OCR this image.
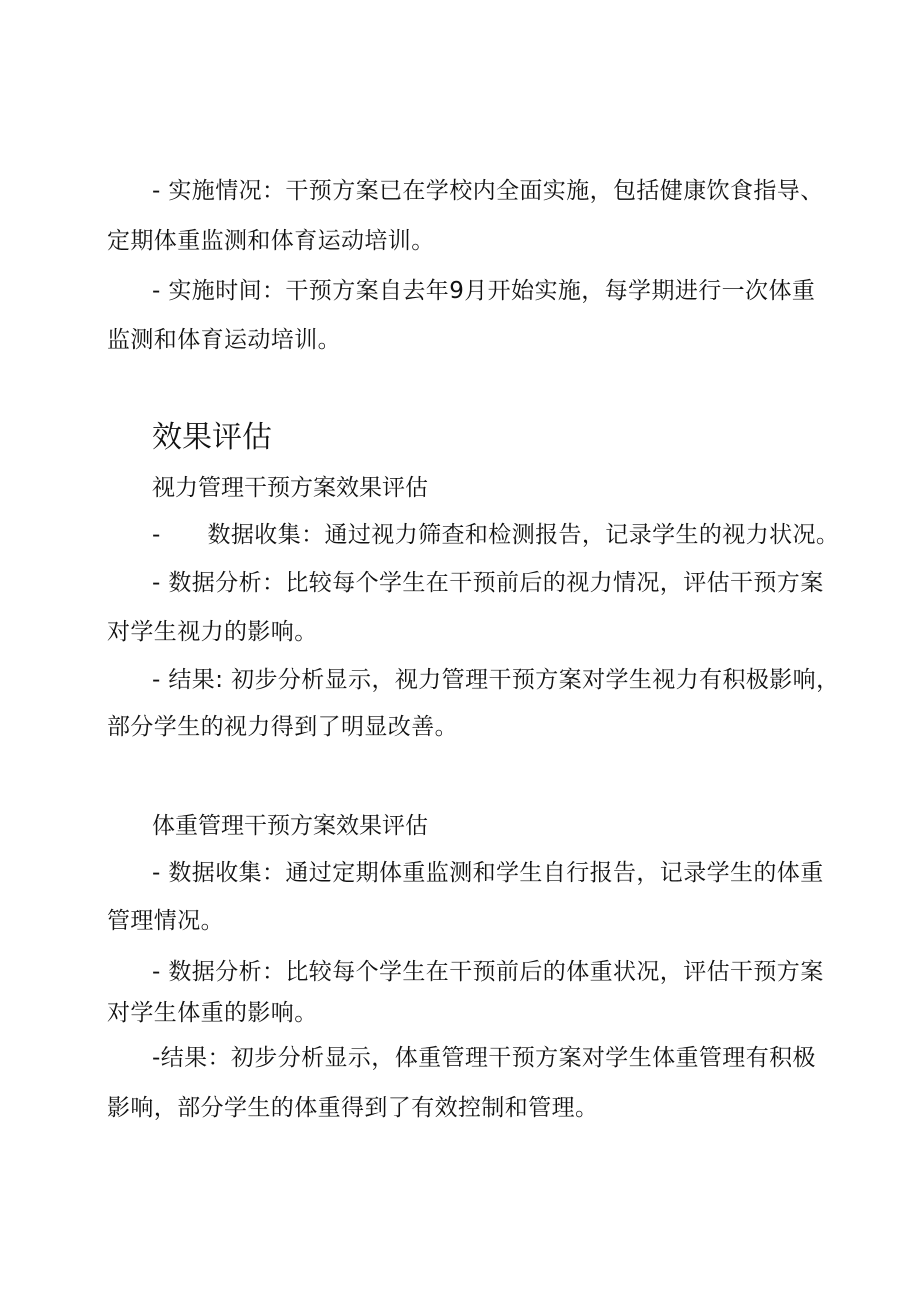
- 实施情况：干预方案已在学校内全面实施，包括健康饮食指导、
定期体重监测和体育运动培训。
- 实施时间：干预方案自去年9月开始实施，每学期进行一次体重
监测和体育运动培训。
效果评估
视力管理干预方案效果评估
-　　数据收集：通过视力筛查和检测报告，记录学生的视力状况。
- 数据分析：比较每个学生在干预前后的视力情况，评估干预方案
对学生视力的影响。
- 结果: 初步分析显示，视力管理干预方案对学生视力有积极影响，
部分学生的视力得到了明显改善。
体重管理干预方案效果评估
- 数据收集：通过定期体重监测和学生自行报告，记录学生的体重
管理情况。
- 数据分析：比较每个学生在干预前后的体重状况，评估干预方案
对学生体重的影响。
-结果：初步分析显示，体重管理干预方案对学生体重管理有积极
影响，部分学生的体重得到了有效控制和管理。
